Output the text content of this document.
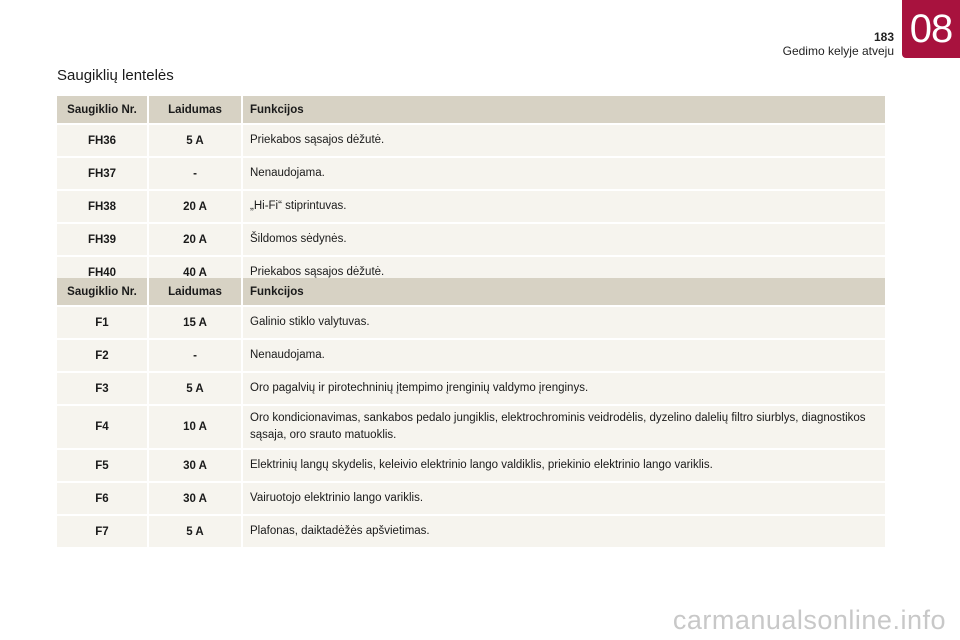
183
Gedimo kelyje atveju
08
Saugiklių lentelės
Saugiklio Nr.	Laidumas	Funkcijos
FH36	5 A	Priekabos sąsajos dėžutė.
FH37	-	Nenaudojama.
FH38	20 A	„Hi-Fi“ stiprintuvas.
FH39	20 A	Šildomos sėdynės.
FH40	40 A	Priekabos sąsajos dėžutė.
Saugiklio Nr.	Laidumas	Funkcijos
F1	15 A	Galinio stiklo valytuvas.
F2	-	Nenaudojama.
F3	5 A	Oro pagalvių ir pirotechninių įtempimo įrenginių valdymo įrenginys.
F4	10 A	Oro kondicionavimas, sankabos pedalo jungiklis, elektrochrominis veidrodėlis, dyzelino dalelių filtro siurblys, diagnostikos sąsaja, oro srauto matuoklis.
F5	30 A	Elektrinių langų skydelis, keleivio elektrinio lango valdiklis, priekinio elektrinio lango variklis.
F6	30 A	Vairuotojo elektrinio lango variklis.
F7	5 A	Plafonas, daiktadėžės apšvietimas.
carmanualsonline.info
